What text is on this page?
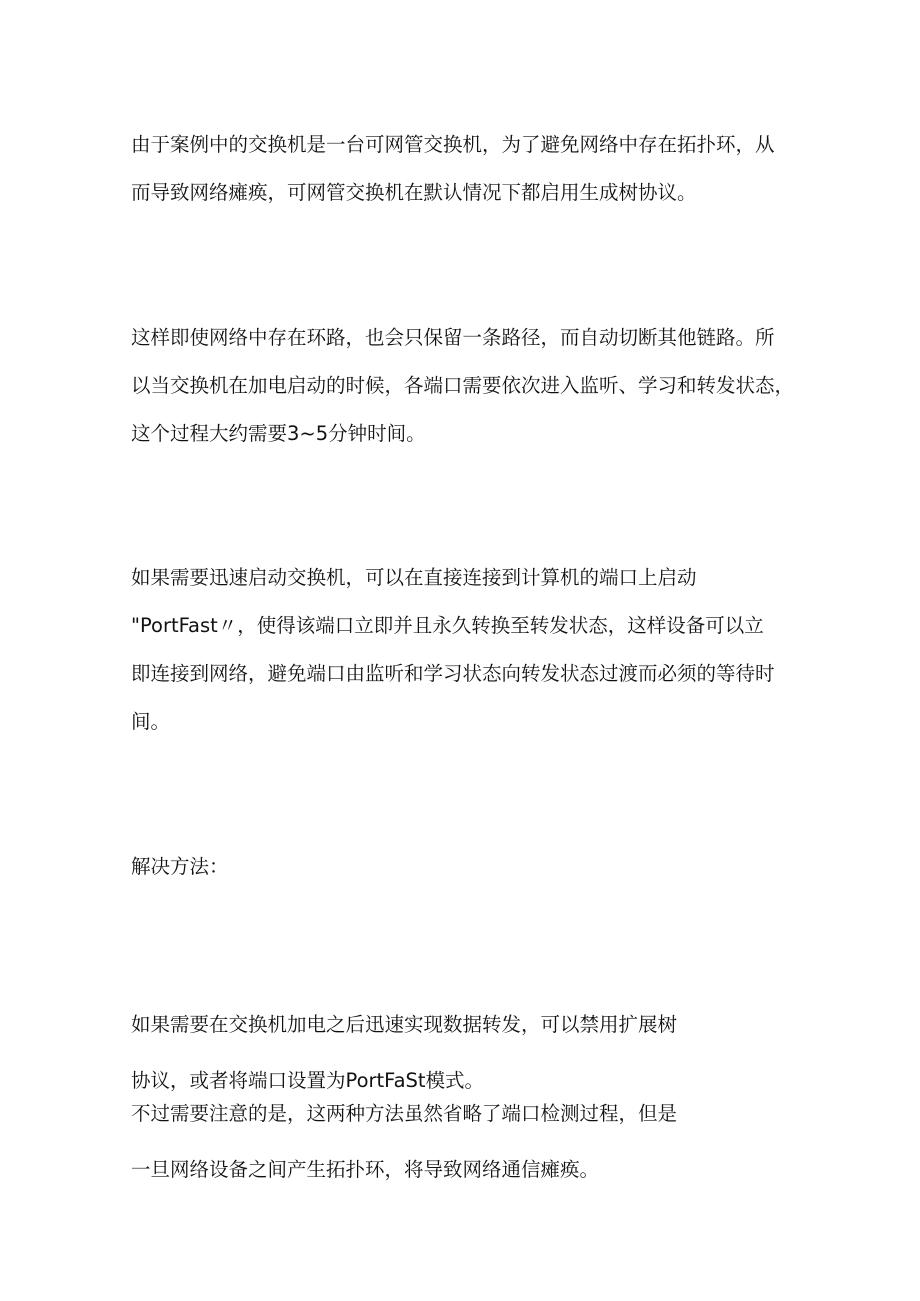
由于案例中的交换机是一台可网管交换机，为了避免网络中存在拓扑环，从

而导致网络瘫痪，可网管交换机在默认情况下都启用生成树协议。

这样即使网络中存在环路，也会只保留一条路径，而自动切断其他链路。所

以当交换机在加电启动的时候，各端口需要依次进入监听、学习和转发状态，

这个过程大约需要3~5分钟时间。

如果需要迅速启动交换机，可以在直接连接到计算机的端口上启动

"PortFast〃，使得该端口立即并且永久转换至转发状态，这样设备可以立

即连接到网络，避免端口由监听和学习状态向转发状态过渡而必须的等待时

间。

解决方法：

如果需要在交换机加电之后迅速实现数据转发，可以禁用扩展树

协议，或者将端口设置为PortFaSt模式。

不过需要注意的是，这两种方法虽然省略了端口检测过程，但是

一旦网络设备之间产生拓扑环，将导致网络通信瘫痪。
